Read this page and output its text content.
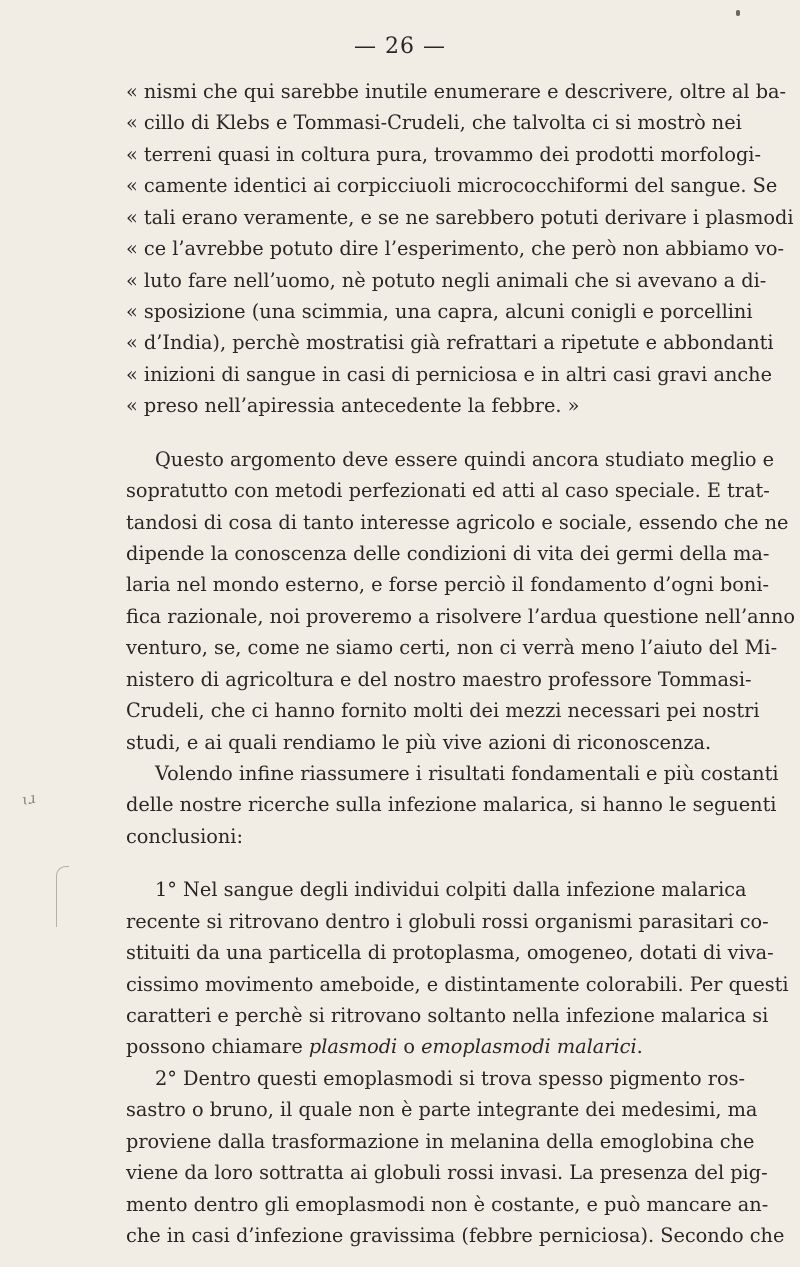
— 26 —
« nismi che qui sarebbe inutile enumerare e descrivere, oltre al ba-
« cillo di Klebs e Tommasi-Crudeli, che talvolta ci si mostrò nei
« terreni quasi in coltura pura, trovammo dei prodotti morfologi-
« camente identici ai corpicciuoli micrococchiformi del sangue. Se
« tali erano veramente, e se ne sarebbero potuti derivare i plasmodi
« ce l’avrebbe potuto dire l’esperimento, che però non abbiamo vo-
« luto fare nell’uomo, nè potuto negli animali che si avevano a di-
« sposizione (una scimmia, una capra, alcuni conigli e porcellini
« d’India), perchè mostratisi già refrattari a ripetute e abbondanti
« inizioni di sangue in casi di perniciosa e in altri casi gravi anche
« preso nell’apiressia antecedente la febbre. »
Questo argomento deve essere quindi ancora studiato meglio e
sopratutto con metodi perfezionati ed atti al caso speciale. E trat-
tandosi di cosa di tanto interesse agricolo e sociale, essendo che ne
dipende la conoscenza delle condizioni di vita dei germi della ma-
laria nel mondo esterno, e forse perciò il fondamento d’ogni boni-
fica razionale, noi proveremo a risolvere l’ardua questione nell’anno
venturo, se, come ne siamo certi, non ci verrà meno l’aiuto del Mi-
nistero di agricoltura e del nostro maestro professore Tommasi-
Crudeli, che ci hanno fornito molti dei mezzi necessari pei nostri
studi, e ai quali rendiamo le più vive azioni di riconoscenza.
Volendo infine riassumere i risultati fondamentali e più costanti
delle nostre ricerche sulla infezione malarica, si hanno le seguenti
conclusioni:
ɩɹ
1° Nel sangue degli individui colpiti dalla infezione malarica
recente si ritrovano dentro i globuli rossi organismi parasitari co-
stituiti da una particella di protoplasma, omogeneo, dotati di viva-
cissimo movimento ameboide, e distintamente colorabili. Per questi
caratteri e perchè si ritrovano soltanto nella infezione malarica si
possono chiamare plasmodi o emoplasmodi malarici.
2° Dentro questi emoplasmodi si trova spesso pigmento ros-
sastro o bruno, il quale non è parte integrante dei medesimi, ma
proviene dalla trasformazione in melanina della emoglobina che
viene da loro sottratta ai globuli rossi invasi. La presenza del pig-
mento dentro gli emoplasmodi non è costante, e può mancare an-
che in casi d’infezione gravissima (febbre perniciosa). Secondo che
